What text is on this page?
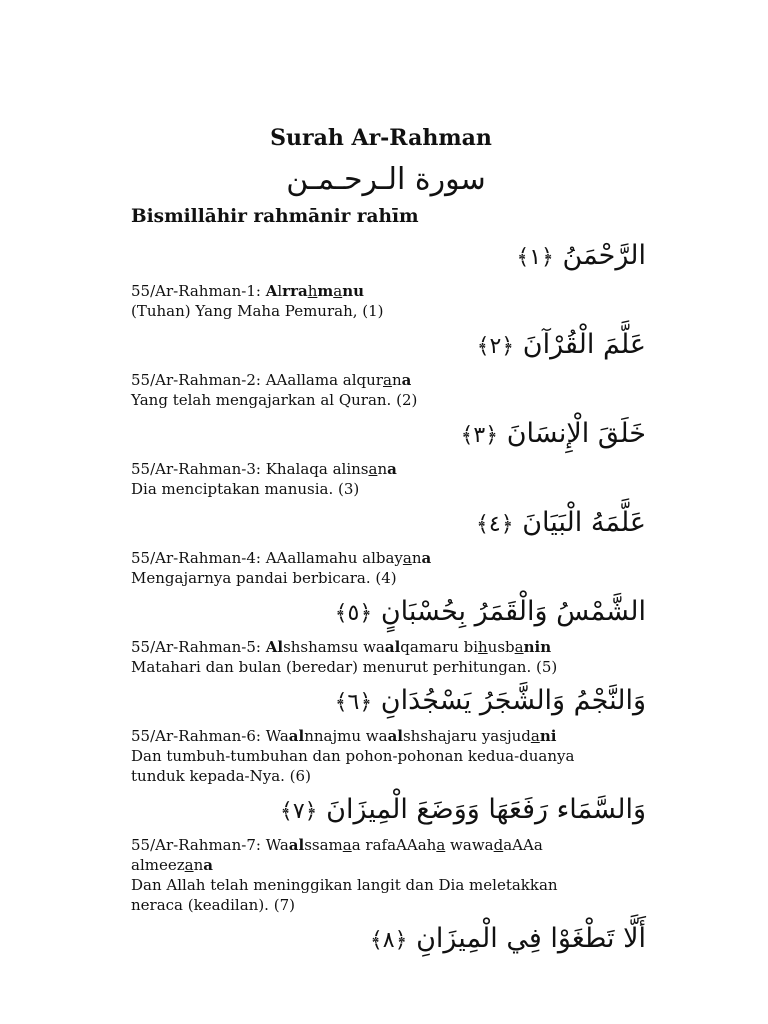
Surah Ar-Rahman
سورة الـرحـمـن

Bismillāhir rahmānir rahīm

الرَّحْمَنُ ﴿١﴾

55/Ar-Rahman-1: Alrrahmanu

(Tuhan) Yang Maha Pemurah, (1)

عَلَّمَ الْقُرْآنَ ﴿٢﴾

55/Ar-Rahman-2: AAallama alqurana

Yang telah mengajarkan al Quran. (2)

خَلَقَ الْإِنسَانَ ﴿٣﴾

55/Ar-Rahman-3: Khalaqa alinsana

Dia menciptakan manusia. (3)

عَلَّمَهُ الْبَيَانَ ﴿٤﴾

55/Ar-Rahman-4: AAallamahu albayana

Mengajarnya pandai berbicara. (4)

الشَّمْسُ وَالْقَمَرُ بِحُسْبَانٍ ﴿٥﴾

55/Ar-Rahman-5: Alshshamsu waalqamaru bihusbanin

Matahari dan bulan (beredar) menurut perhitungan. (5)

وَالنَّجْمُ وَالشَّجَرُ يَسْجُدَانِ ﴿٦﴾

55/Ar-Rahman-6: Waalnnajmu waalshshajaru yasjudani

Dan tumbuh-tumbuhan dan pohon-pohonan kedua-duanya
tunduk kepada-Nya. (6)

وَالسَّمَاء رَفَعَهَا وَوَضَعَ الْمِيزَانَ ﴿٧﴾

55/Ar-Rahman-7: Waalssamaa rafaAAaha wawadaAAa
almeezana

Dan Allah telah meninggikan langit dan Dia meletakkan
neraca (keadilan). (7)

أَلَّا تَطْغَوْا فِي الْمِيزَانِ ﴿٨﴾
